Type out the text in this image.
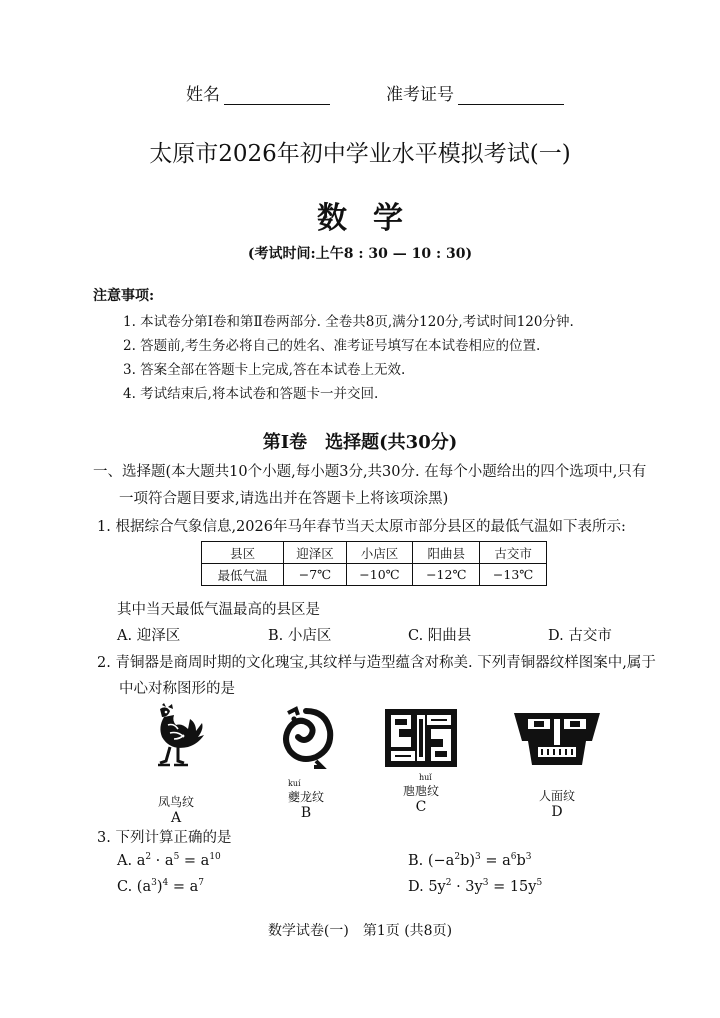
姓名	准考证号
太原市2026年初中学业水平模拟考试(一)
数学
(考试时间:上午8 : 30 — 10 : 30)
注意事项:
1. 本试卷分第Ⅰ卷和第Ⅱ卷两部分. 全卷共8页,满分120分,考试时间120分钟.
2. 答题前,考生务必将自己的姓名、准考证号填写在本试卷相应的位置.
3. 答案全部在答题卡上完成,答在本试卷上无效.
4. 考试结束后,将本试卷和答题卡一并交回.
第Ⅰ卷　选择题(共30分)
一、选择题(本大题共10个小题,每小题3分,共30分. 在每个小题给出的四个选项中,只有
一项符合题目要求,请选出并在答题卡上将该项涂黑)
1. 根据综合气象信息,2026年马年春节当天太原市部分县区的最低气温如下表所示:
县区	迎泽区	小店区	阳曲县	古交市
最低气温	−7℃	−10℃	−12℃	−13℃
其中当天最低气温最高的县区是
A. 迎泽区	B. 小店区	C. 阳曲县	D. 古交市
2. 青铜器是商周时期的文化瑰宝,其纹样与造型蕴含对称美. 下列青铜器纹样图案中,属于
中心对称图形的是
凤鸟纹
A
kuí
夔龙纹
B
huǐ
虺虺纹
C
人面纹
D
3. 下列计算正确的是
A. $a^2 \cdot a^5 = a^{10}$	B. $(-a^2b)^3 = a^6b^3$
C. $(a^3)^4 = a^7$	D. $5y^2 \cdot 3y^3 = 15y^5$
数学试卷(一)　第1页 (共8页)
